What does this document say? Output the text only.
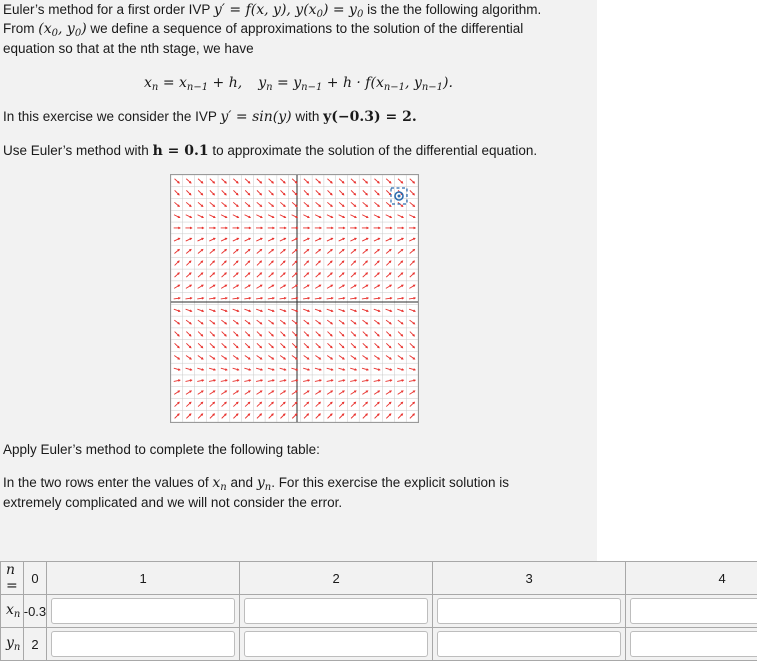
Euler’s method for a first order IVP y′ = f(x, y), $y(x_0) = y_0$ is the the following algorithm.

From ($x_0$, $y_0$) we define a sequence of approximations to the solution of the differential

equation so that at the nth stage, we have

$x_n = x_{n-1} + h$, $y_n = y_{n-1} + h \cdot f(x_{n-1}$, $y_{n-1}$).

In this exercise we consider the IVP y′ = sin(y) with y(−0.3) = 2.

Use Euler’s method with h = 0.1 to approximate the solution of the differential equation.

Apply Euler’s method to complete the following table:

In the two rows enter the values of $x_n$ and $y_n$. For this exercise the explicit solution is

extremely complicated and we will not consider the error.

n =	0	1	2	3	4
$x_n$	-0.3	

$y_n$	2	
